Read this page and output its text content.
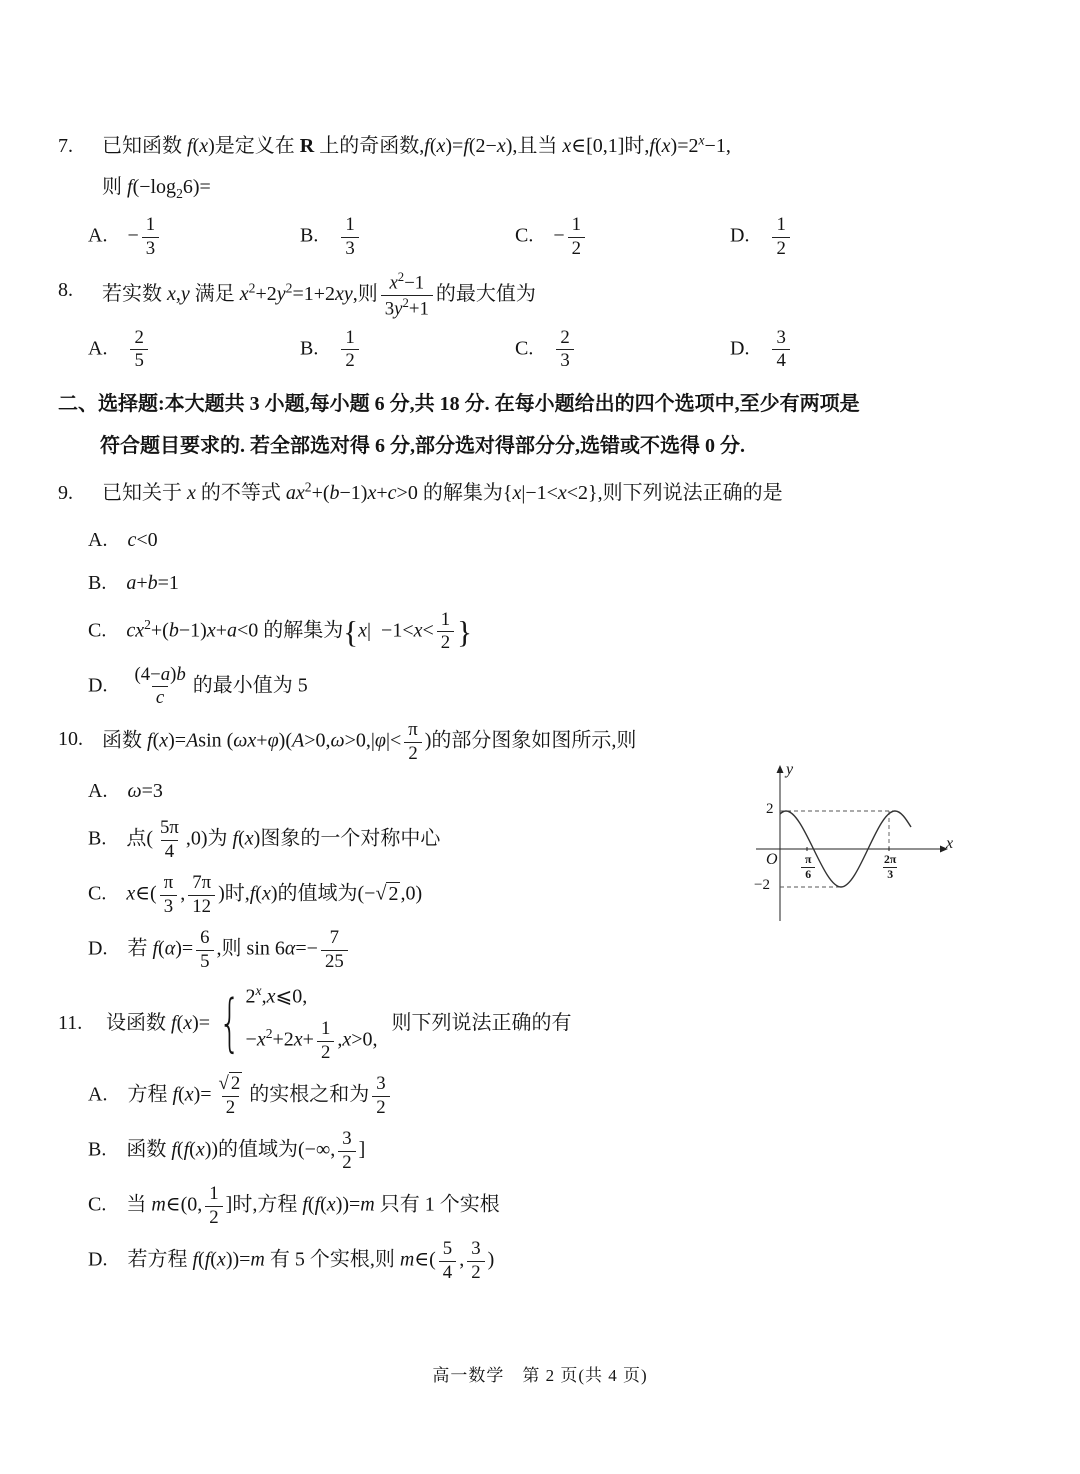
7.	已知函数 f(x)是定义在 R 上的奇函数,f(x)=f(2−x),且当 x∈[0,1]时$,f(x)=2^x-1$,
则 $f(-\log_26)=$
A.  − $\frac{1}{3}$	B.   $\frac{1}{3}$	C.  − $\frac{1}{2}$	D.   $\frac{1}{2}$
8.	若实数 x,y 满足 $x^2+2y^2=1+2xy$,则 $\frac{x^2-1}{3y^2+1}$ 的最大值为
A.   $\frac{2}{5}$	B.   $\frac{1}{2}$	C.   $\frac{2}{3}$	D.   $\frac{3}{4}$
二、选择题:本大题共 3 小题,每小题 6 分,共 18 分. 在每小题给出的四个选项中,至少有两项是
符合题目要求的. 若全部选对得 6 分,部分选对得部分分,选错或不选得 0 分.
9.	已知关于 x 的不等式 $ax^2+(b-1)x+c>0$ 的解集为{x|−1<x<2},则下列说法正确的是
A.  c<0
B.  a+b=1
C.  $cx^2+(b-1)x+a<0$ 的解集为{x| $-1<x< \frac{1}{2}$ }
D.   $\frac{(4-a)b}{c}$ 的最小值为 5
10. 函数 f(x)=Asin $(\omega x+\varphi)(A>0,\omega>0,|\varphi|< \frac{\pi}{2}$ )的部分图象如图所示,则
A.  ω=3
B.  点( $\frac{5\pi}{4} ,0$)为 f(x)图象的一个对称中心
C.  x∈( $\frac{\pi}{3}$ , $\frac{7\pi}{12}$ )时,f(x)的值域为(−√ 2 ,0)
D.  若 $f(\alpha)= \frac{6}{5}$ ,则 $\sin 6\alpha=- \frac{7}{25}$
y
x
O
2
−2
$\frac{\pi}{6}$	$\frac{2\pi}{3}$
11.	设函数 f(x)= { $2^x,x⩽0$,
$-x^2+2x+ \frac{1}{2} ,x>0$,
则下列说法正确的有
A.  方程 $f(x)= \frac{√ 2}{2}$ 的实根之和为 $\frac{3}{2}$
B.  函数 f(f(x))的值域为(−∞, $\frac{3}{2}$ ]
C.  当 m∈(0, $\frac{1}{2}$ ]时,方程 f(f(x))=m 只有 1 个实根
D.  若方程 f(f(x))=m 有 5 个实根,则 m∈( $\frac{5}{4}$ , $\frac{3}{2}$ )
高一数学　第 2 页(共 4 页)
